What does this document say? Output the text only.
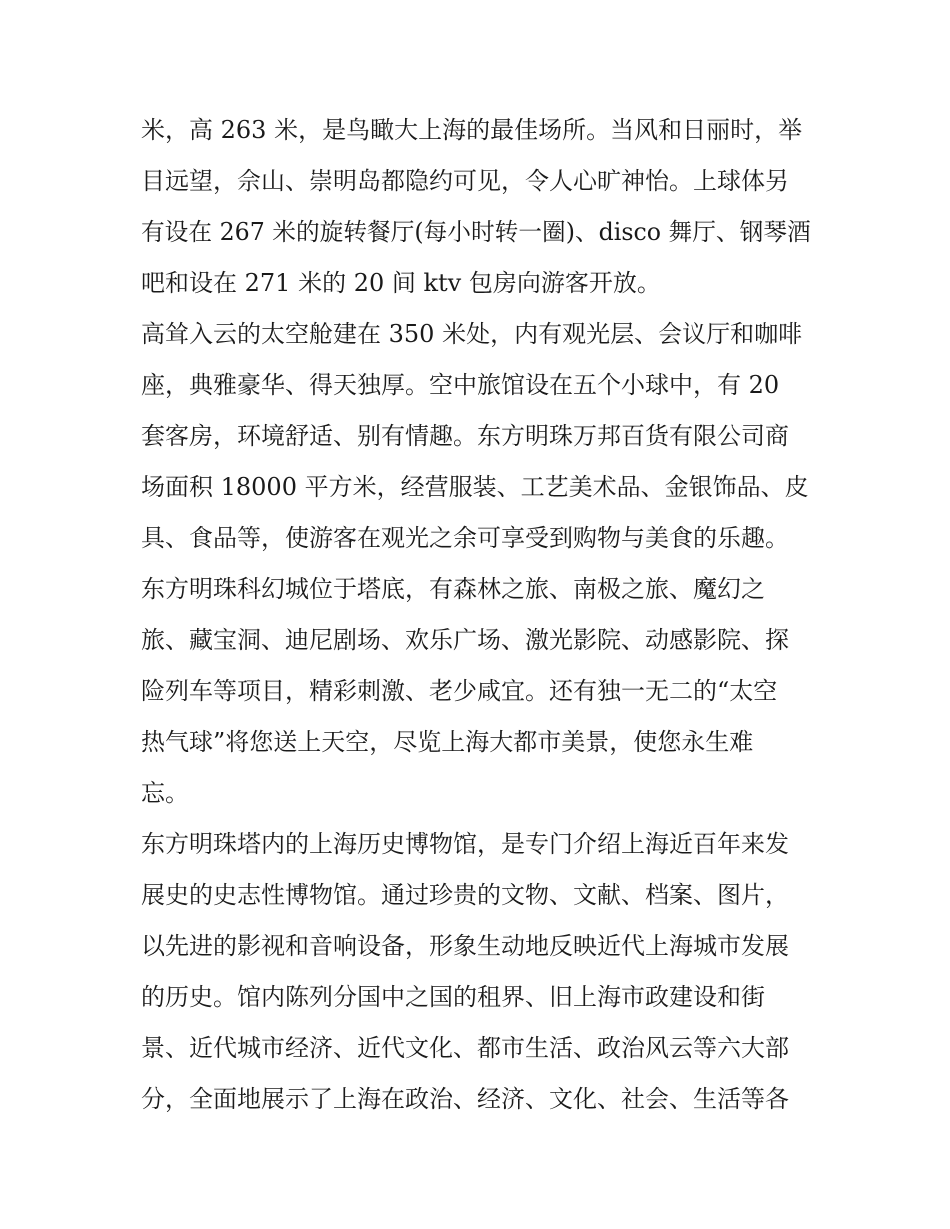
米，高 263 米，是鸟瞰大上海的最佳场所。当风和日丽时，举
目远望，佘山、崇明岛都隐约可见，令人心旷神怡。上球体另
有设在 267 米的旋转餐厅(每小时转一圈)、disco 舞厅、钢琴酒
吧和设在 271 米的 20 间 ktv 包房向游客开放。
高耸入云的太空舱建在 350 米处，内有观光层、会议厅和咖啡
座，典雅豪华、得天独厚。空中旅馆设在五个小球中，有 20
套客房，环境舒适、别有情趣。东方明珠万邦百货有限公司商
场面积 18000 平方米，经营服装、工艺美术品、金银饰品、皮
具、食品等，使游客在观光之余可享受到购物与美食的乐趣。
东方明珠科幻城位于塔底，有森林之旅、南极之旅、魔幻之
旅、藏宝洞、迪尼剧场、欢乐广场、激光影院、动感影院、探
险列车等项目，精彩刺激、老少咸宜。还有独一无二的“太空
热气球”将您送上天空，尽览上海大都市美景，使您永生难
忘。
东方明珠塔内的上海历史博物馆，是专门介绍上海近百年来发
展史的史志性博物馆。通过珍贵的文物、文献、档案、图片，
以先进的影视和音响设备，形象生动地反映近代上海城市发展
的历史。馆内陈列分国中之国的租界、旧上海市政建设和街
景、近代城市经济、近代文化、都市生活、政治风云等六大部
分，全面地展示了上海在政治、经济、文化、社会、生活等各
